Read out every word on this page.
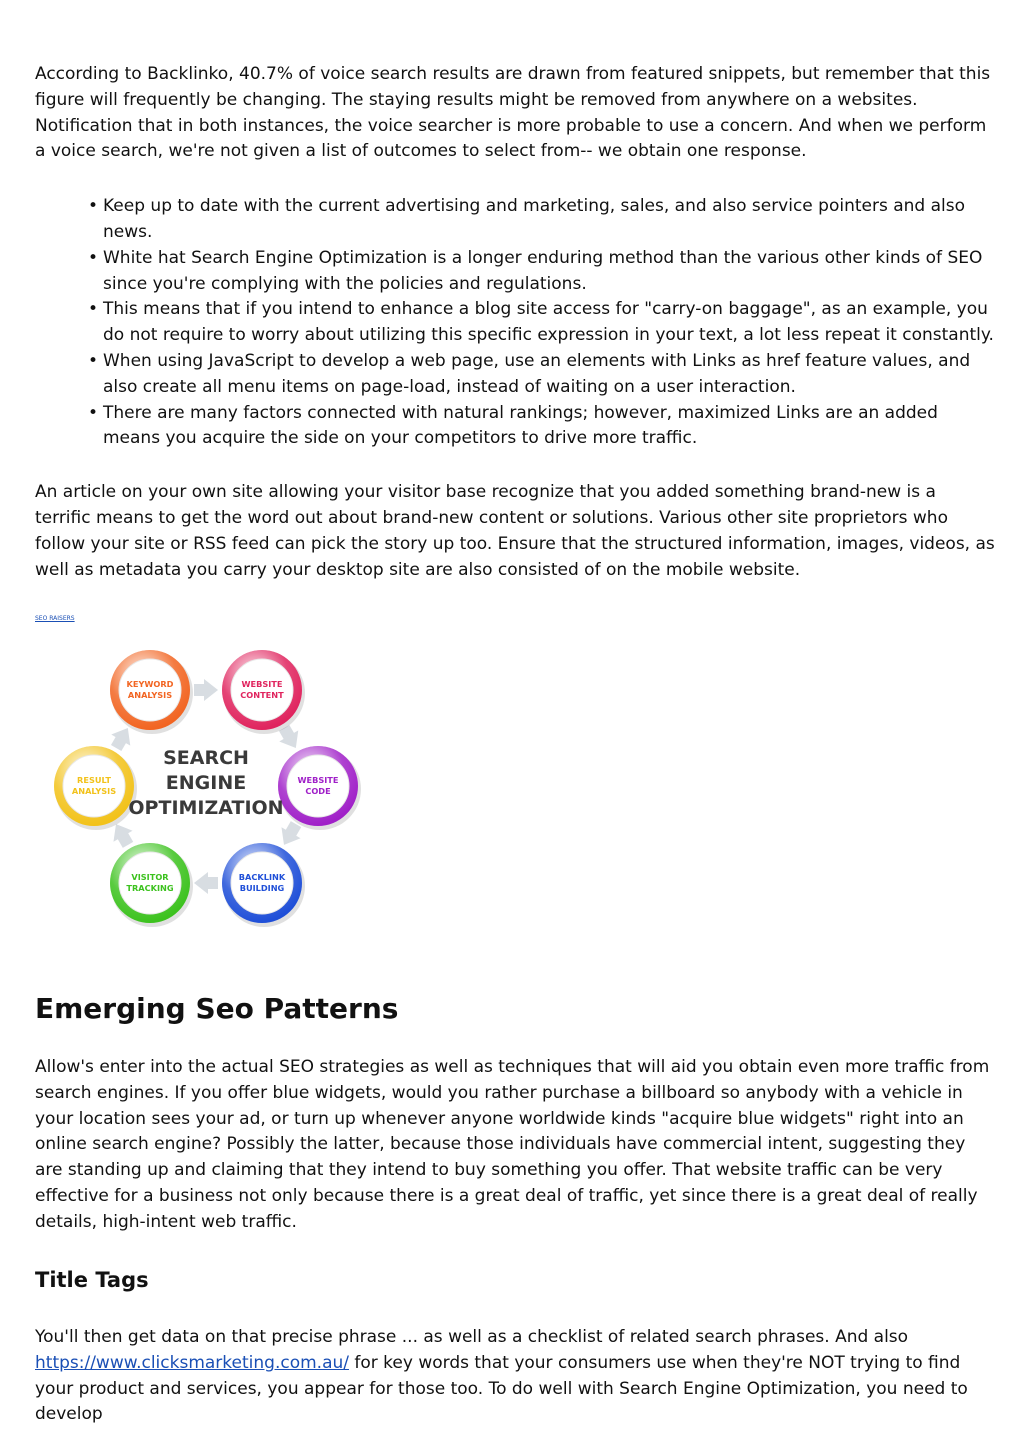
According to Backlinko, 40.7% of voice search results are drawn from featured snippets, but remember that this figure will frequently be changing. The staying results might be removed from anywhere on a websites. Notification that in both instances, the voice searcher is more probable to use a concern. And when we perform a voice search, we're not given a list of outcomes to select from-- we obtain one response.

• Keep up to date with the current advertising and marketing, sales, and also service pointers and also news.
• White hat Search Engine Optimization is a longer enduring method than the various other kinds of SEO since you're complying with the policies and regulations.
• This means that if you intend to enhance a blog site access for "carry-on baggage", as an example, you do not require to worry about utilizing this specific expression in your text, a lot less repeat it constantly.
• When using JavaScript to develop a web page, use an elements with Links as href feature values, and also create all menu items on page-load, instead of waiting on a user interaction.
• There are many factors connected with natural rankings; however, maximized Links are an added means you acquire the side on your competitors to drive more traffic.

An article on your own site allowing your visitor base recognize that you added something brand-new is a terrific means to get the word out about brand-new content or solutions. Various other site proprietors who follow your site or RSS feed can pick the story up too. Ensure that the structured information, images, videos, as well as metadata you carry your desktop site are also consisted of on the mobile website.

SEO RAISERS
KEYWORD
ANALYSIS
WEBSITE
CONTENT
WEBSITE
CODE
BACKLINK
BUILDING
VISITOR
TRACKING
RESULT
ANALYSIS
SEARCH
ENGINE
OPTIMIZATION
Emerging Seo Patterns

Allow's enter into the actual SEO strategies as well as techniques that will aid you obtain even more traffic from search engines. If you offer blue widgets, would you rather purchase a billboard so anybody with a vehicle in your location sees your ad, or turn up whenever anyone worldwide kinds "acquire blue widgets" right into an online search engine? Possibly the latter, because those individuals have commercial intent, suggesting they are standing up and claiming that they intend to buy something you offer. That website traffic can be very effective for a business not only because there is a great deal of traffic, yet since there is a great deal of really details, high-intent web traffic.

Title Tags

You'll then get data on that precise phrase ... as well as a checklist of related search phrases. And also https://www.clicksmarketing.com.au/ for key words that your consumers use when they're NOT trying to find your product and services, you appear for those too. To do well with Search Engine Optimization, you need to develop
